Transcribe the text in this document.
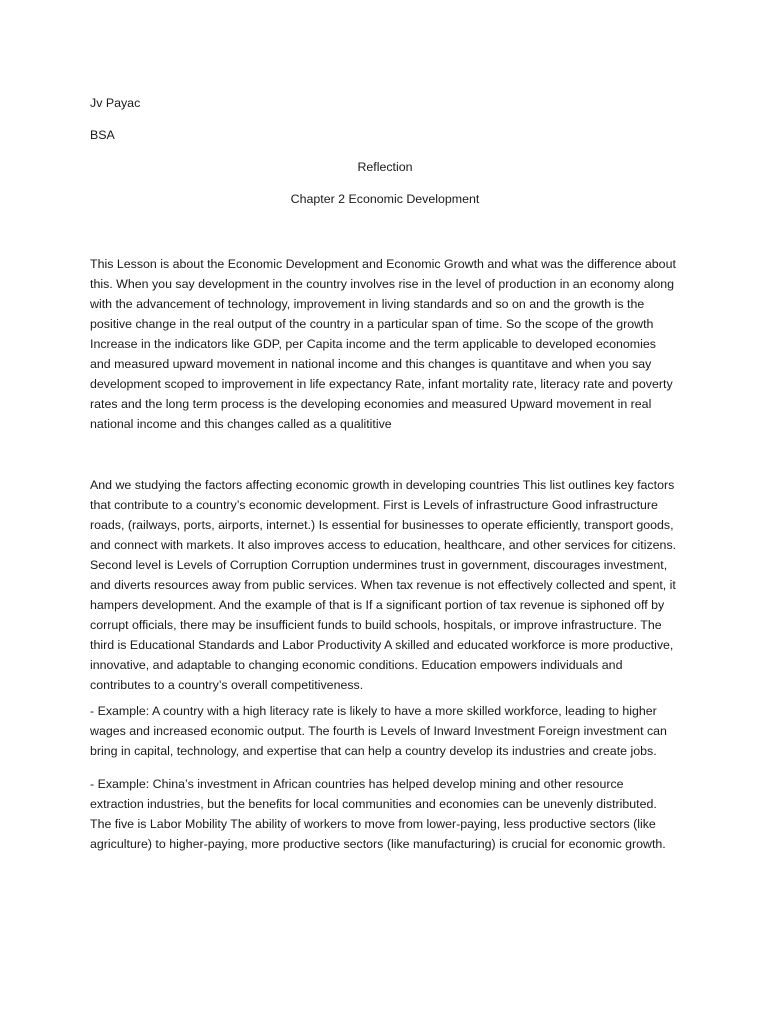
Jv Payac

BSA

Reflection

Chapter 2 Economic Development

This Lesson is about the Economic Development and Economic Growth and what was the difference about this. When you say development in the country involves rise in the level of production in an economy along with the advancement of technology, improvement in living standards and so on and the growth is the positive change in the real output of the country in a particular span of time. So the scope of the growth Increase in the indicators like GDP, per Capita income and the term applicable to developed economies and measured upward movement in national income and this changes is quantitave and when you say development scoped to improvement in life expectancy Rate, infant mortality rate, literacy rate and poverty rates and the long term process is the developing economies and measured Upward movement in real national income and this changes called as a qualititive

And we studying the factors affecting economic growth in developing countries This list outlines key factors that contribute to a country’s economic development. First is Levels of infrastructure Good infrastructure roads, (railways, ports, airports, internet.) Is essential for businesses to operate efficiently, transport goods, and connect with markets. It also improves access to education, healthcare, and other services for citizens. Second level is Levels of Corruption Corruption undermines trust in government, discourages investment, and diverts resources away from public services. When tax revenue is not effectively collected and spent, it hampers development. And the example of that is If a significant portion of tax revenue is siphoned off by corrupt officials, there may be insufficient funds to build schools, hospitals, or improve infrastructure. The third is Educational Standards and Labor Productivity A skilled and educated workforce is more productive, innovative, and adaptable to changing economic conditions. Education empowers individuals and contributes to a country’s overall competitiveness.

- Example: A country with a high literacy rate is likely to have a more skilled workforce, leading to higher wages and increased economic output. The fourth is Levels of Inward Investment Foreign investment can bring in capital, technology, and expertise that can help a country develop its industries and create jobs.

- Example: China’s investment in African countries has helped develop mining and other resource extraction industries, but the benefits for local communities and economies can be unevenly distributed. The five is Labor Mobility The ability of workers to move from lower-paying, less productive sectors (like agriculture) to higher-paying, more productive sectors (like manufacturing) is crucial for economic growth.
